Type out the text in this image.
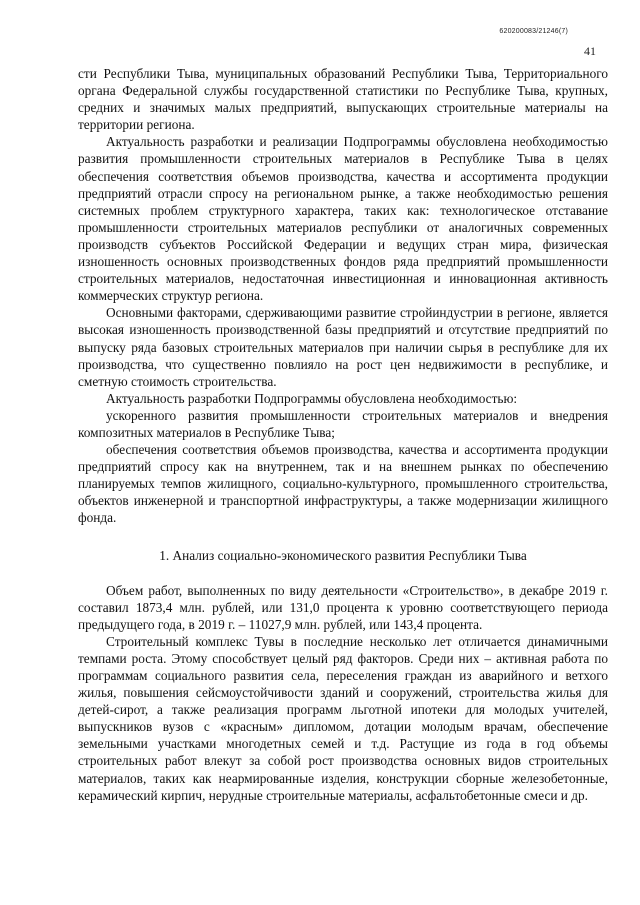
620200083/21246(7)
41

сти Республики Тыва, муниципальных образований Республики Тыва, Территориального органа Федеральной службы государственной статистики по Республике Тыва, крупных, средних и значимых малых предприятий, выпускающих строительные материалы на территории региона.

Актуальность разработки и реализации Подпрограммы обусловлена необходимостью развития промышленности строительных материалов в Республике Тыва в целях обеспечения соответствия объемов производства, качества и ассортимента продукции предприятий отрасли спросу на региональном рынке, а также необходимостью решения системных проблем структурного характера, таких как: технологическое отставание промышленности строительных материалов республики от аналогичных современных производств субъектов Российской Федерации и ведущих стран мира, физическая изношенность основных производственных фондов ряда предприятий промышленности строительных материалов, недостаточная инвестиционная и инновационная активность коммерческих структур региона.

Основными факторами, сдерживающими развитие стройиндустрии в регионе, является высокая изношенность производственной базы предприятий и отсутствие предприятий по выпуску ряда базовых строительных материалов при наличии сырья в республике для их производства, что существенно повлияло на рост цен недвижимости в республике, и сметную стоимость строительства.

Актуальность разработки Подпрограммы обусловлена необходимостью:

ускоренного развития промышленности строительных материалов и внедрения композитных материалов в Республике Тыва;

обеспечения соответствия объемов производства, качества и ассортимента продукции предприятий спросу как на внутреннем, так и на внешнем рынках по обеспечению планируемых темпов жилищного, социально-культурного, промышленного строительства, объектов инженерной и транспортной инфраструктуры, а также модернизации жилищного фонда.

1. Анализ социально-экономического развития Республики Тыва

Объем работ, выполненных по виду деятельности «Строительство», в декабре 2019 г. составил 1873,4 млн. рублей, или 131,0 процента к уровню соответствующего периода предыдущего года, в 2019 г. – 11027,9 млн. рублей, или 143,4 процента.

Строительный комплекс Тувы в последние несколько лет отличается динамичными темпами роста. Этому способствует целый ряд факторов. Среди них – активная работа по программам социального развития села, переселения граждан из аварийного и ветхого жилья, повышения сейсмоустойчивости зданий и сооружений, строительства жилья для детей-сирот, а также реализация программ льготной ипотеки для молодых учителей, выпускников вузов с «красным» дипломом, дотации молодым врачам, обеспечение земельными участками многодетных семей и т.д. Растущие из года в год объемы строительных работ влекут за собой рост производства основных видов строительных материалов, таких как неармированные изделия, конструкции сборные железобетонные, керамический кирпич, нерудные строительные материалы, асфальтобетонные смеси и др.
